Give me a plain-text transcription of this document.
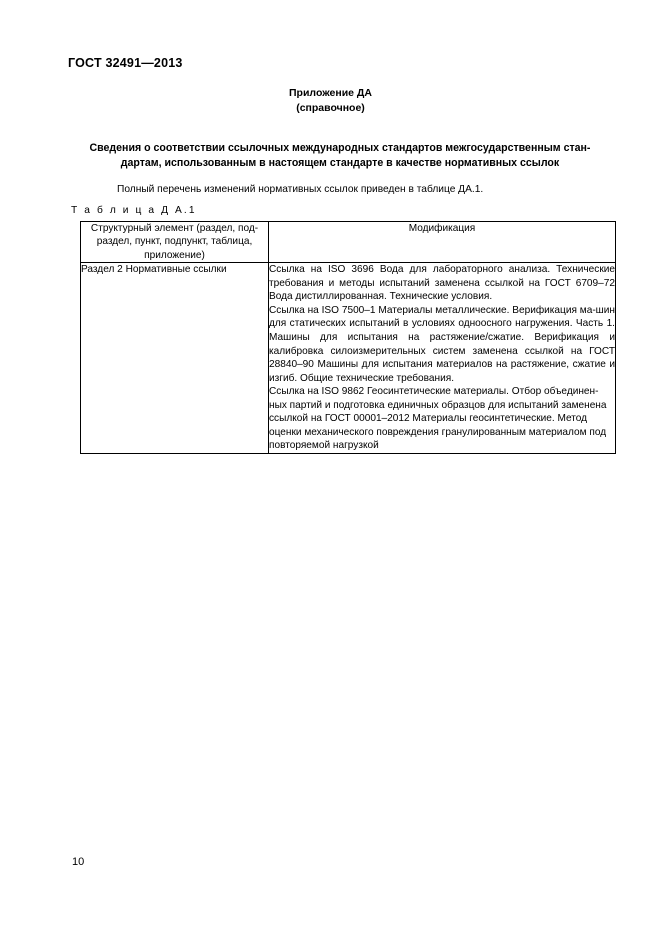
ГОСТ 32491—2013
Приложение ДА
(справочное)
Сведения о соответствии ссылочных международных стандартов межгосударственным стан-
дартам, использованным в настоящем стандарте в качестве нормативных ссылок
Полный перечень изменений нормативных ссылок приведен в таблице ДА.1.
Т а б л и ц а Д А.1
Структурный элемент (раздел, под-
раздел, пункт, подпункт, таблица,
приложение)	Модификация
Раздел 2 Нормативные ссылки	Ссылка на ISO 3696 Вода для лабораторного анализа. Технические требования и методы испытаний заменена ссылкой на ГОСТ 6709–72 Вода дистиллированная. Технические условия.

Ссылка на ISO 7500–1 Материалы металлические. Верификация ма-шин для статических испытаний в условиях одноосного нагружения. Часть 1. Машины для испытания на растяжение/сжатие. Верификация и калибровка силоизмерительных систем заменена ссылкой на ГОСТ 28840–90 Машины для испытания материалов на растяжение, сжатие и изгиб. Общие технические требования.

Ссылка на ISO 9862 Геосинтетические материалы. Отбор объединен-ных партий и подготовка единичных образцов для испытаний заменена ссылкой на ГОСТ 00001–2012 Материалы геосинтетические. Метод оценки механического повреждения гранулированным материалом под повторяемой нагрузкой

10
